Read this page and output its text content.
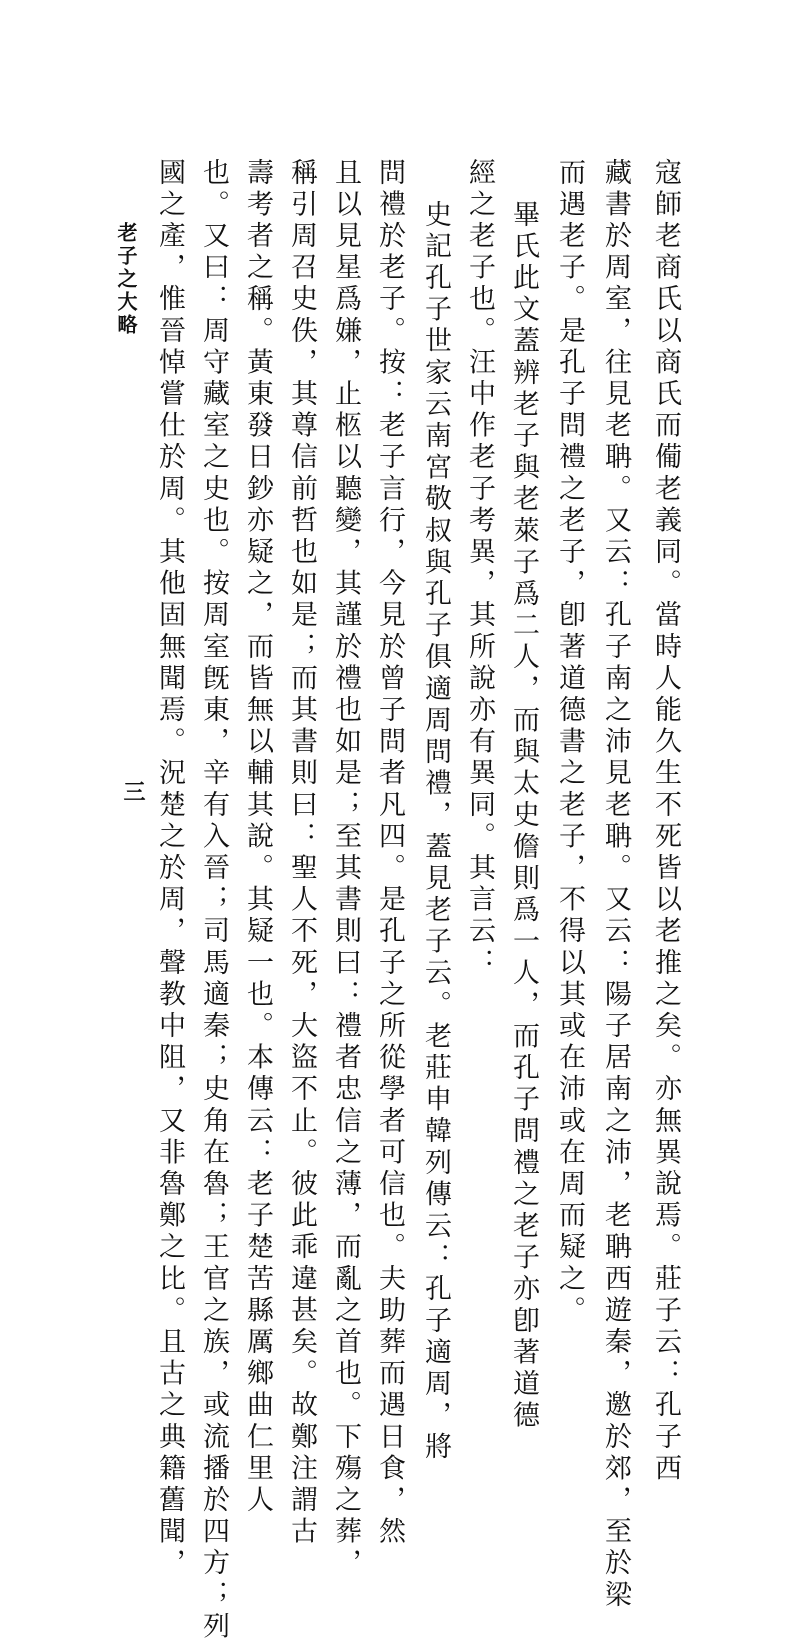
寇師老商氏以商氏而僃老義同。當時人能久生不死皆以老推之矣。亦無異說焉。莊子云：孔子西
藏書於周室，往見老聃。又云：孔子南之沛見老聃。又云：陽子居南之沛，老聃西遊秦，邀於郊，至於梁
而遇老子。是孔子問禮之老子，卽著道德書之老子，不得以其或在沛或在周而疑之。
畢氏此文蓋辨老子與老萊子爲二人，而與太史儋則爲一人，而孔子問禮之老子亦卽著道德
經之老子也。汪中作老子考異，其所說亦有異同。其言云：
史記孔子世家云南宮敬叔與孔子俱適周問禮，蓋見老子云。老莊申韓列傳云：孔子適周，將
問禮於老子。按：老子言行，今見於曾子問者凡四。是孔子之所從學者可信也。夫助葬而遇日食，然
且以見星爲嫌，止柩以聽變，其謹於禮也如是；至其書則曰：禮者忠信之薄，而亂之首也。下殤之葬，
稱引周召史佚，其尊信前哲也如是；而其書則曰：聖人不死，大盜不止。彼此乖違甚矣。故鄭注謂古
壽考者之稱。黃東發日鈔亦疑之，而皆無以輔其說。其疑一也。本傳云：老子楚苦縣厲鄉曲仁里人
也。又曰：周守藏室之史也。按周室旣東，辛有入晉；司馬適秦；史角在魯；王官之族，或流播於四方；列
國之產，惟晉悼嘗仕於周。其他固無聞焉。況楚之於周，聲教中阻，又非魯鄭之比。且古之典籍舊聞，
老子之大略
三
